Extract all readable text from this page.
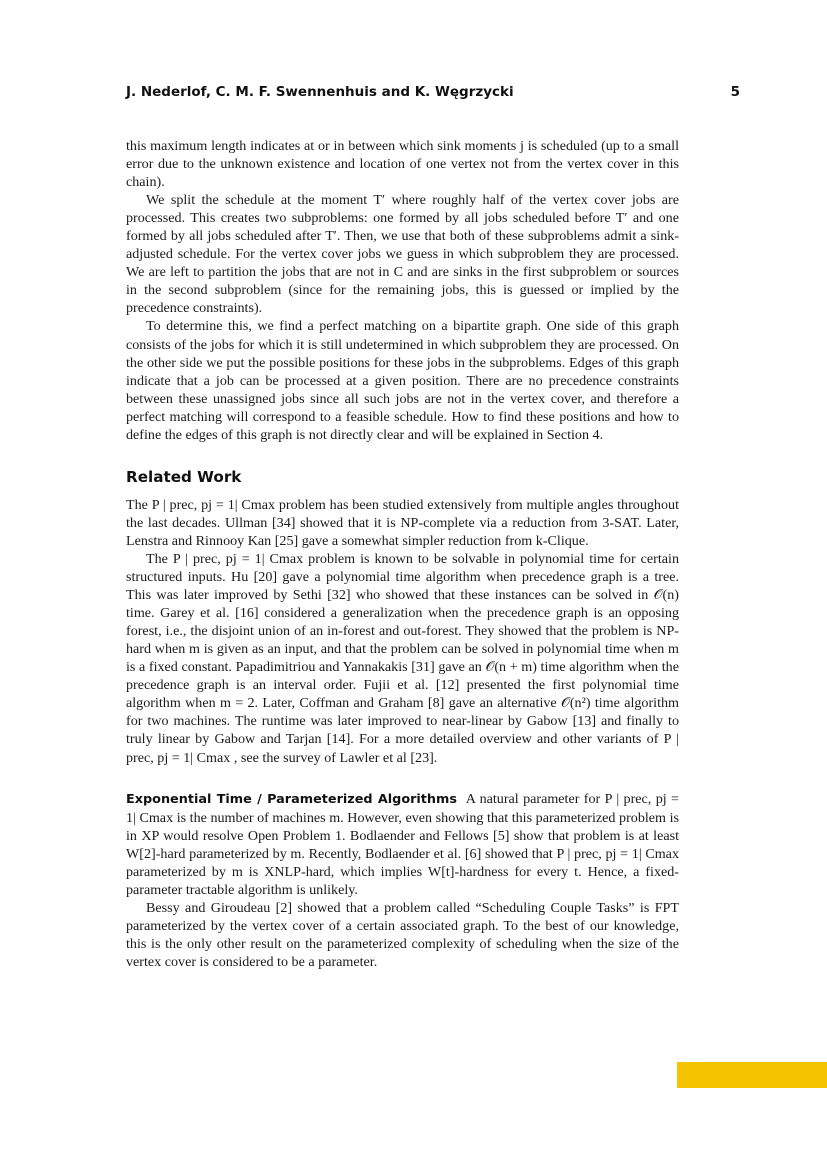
J. Nederlof, C. M. F. Swennenhuis and K. Węgrzycki	5

this maximum length indicates at or in between which sink moments j is scheduled (up to a small error due to the unknown existence and location of one vertex not from the vertex cover in this chain).

We split the schedule at the moment T′ where roughly half of the vertex cover jobs are processed. This creates two subproblems: one formed by all jobs scheduled before T′ and one formed by all jobs scheduled after T′. Then, we use that both of these subproblems admit a sink-adjusted schedule. For the vertex cover jobs we guess in which subproblem they are processed. We are left to partition the jobs that are not in C and are sinks in the first subproblem or sources in the second subproblem (since for the remaining jobs, this is guessed or implied by the precedence constraints).

To determine this, we find a perfect matching on a bipartite graph. One side of this graph consists of the jobs for which it is still undetermined in which subproblem they are processed. On the other side we put the possible positions for these jobs in the subproblems. Edges of this graph indicate that a job can be processed at a given position. There are no precedence constraints between these unassigned jobs since all such jobs are not in the vertex cover, and therefore a perfect matching will correspond to a feasible schedule. How to find these positions and how to define the edges of this graph is not directly clear and will be explained in Section 4.

Related Work

The P | prec, pj = 1| Cmax problem has been studied extensively from multiple angles throughout the last decades. Ullman [34] showed that it is NP-complete via a reduction from 3-SAT. Later, Lenstra and Rinnooy Kan [25] gave a somewhat simpler reduction from k-Clique.

The P | prec, pj = 1| Cmax problem is known to be solvable in polynomial time for certain structured inputs. Hu [20] gave a polynomial time algorithm when precedence graph is a tree. This was later improved by Sethi [32] who showed that these instances can be solved in 𝒪(n) time. Garey et al. [16] considered a generalization when the precedence graph is an opposing forest, i.e., the disjoint union of an in-forest and out-forest. They showed that the problem is NP-hard when m is given as an input, and that the problem can be solved in polynomial time when m is a fixed constant. Papadimitriou and Yannakakis [31] gave an 𝒪(n + m) time algorithm when the precedence graph is an interval order. Fujii et al. [12] presented the first polynomial time algorithm when m = 2. Later, Coffman and Graham [8] gave an alternative 𝒪(n²) time algorithm for two machines. The runtime was later improved to near-linear by Gabow [13] and finally to truly linear by Gabow and Tarjan [14]. For a more detailed overview and other variants of P | prec, pj = 1| Cmax , see the survey of Lawler et al [23].

Exponential Time / Parameterized Algorithms A natural parameter for P | prec, pj = 1| Cmax is the number of machines m. However, even showing that this parameterized problem is in XP would resolve Open Problem 1. Bodlaender and Fellows [5] show that problem is at least W[2]-hard parameterized by m. Recently, Bodlaender et al. [6] showed that P | prec, pj = 1| Cmax parameterized by m is XNLP-hard, which implies W[t]-hardness for every t. Hence, a fixed-parameter tractable algorithm is unlikely.

Bessy and Giroudeau [2] showed that a problem called “Scheduling Couple Tasks” is FPT parameterized by the vertex cover of a certain associated graph. To the best of our knowledge, this is the only other result on the parameterized complexity of scheduling when the size of the vertex cover is considered to be a parameter.
